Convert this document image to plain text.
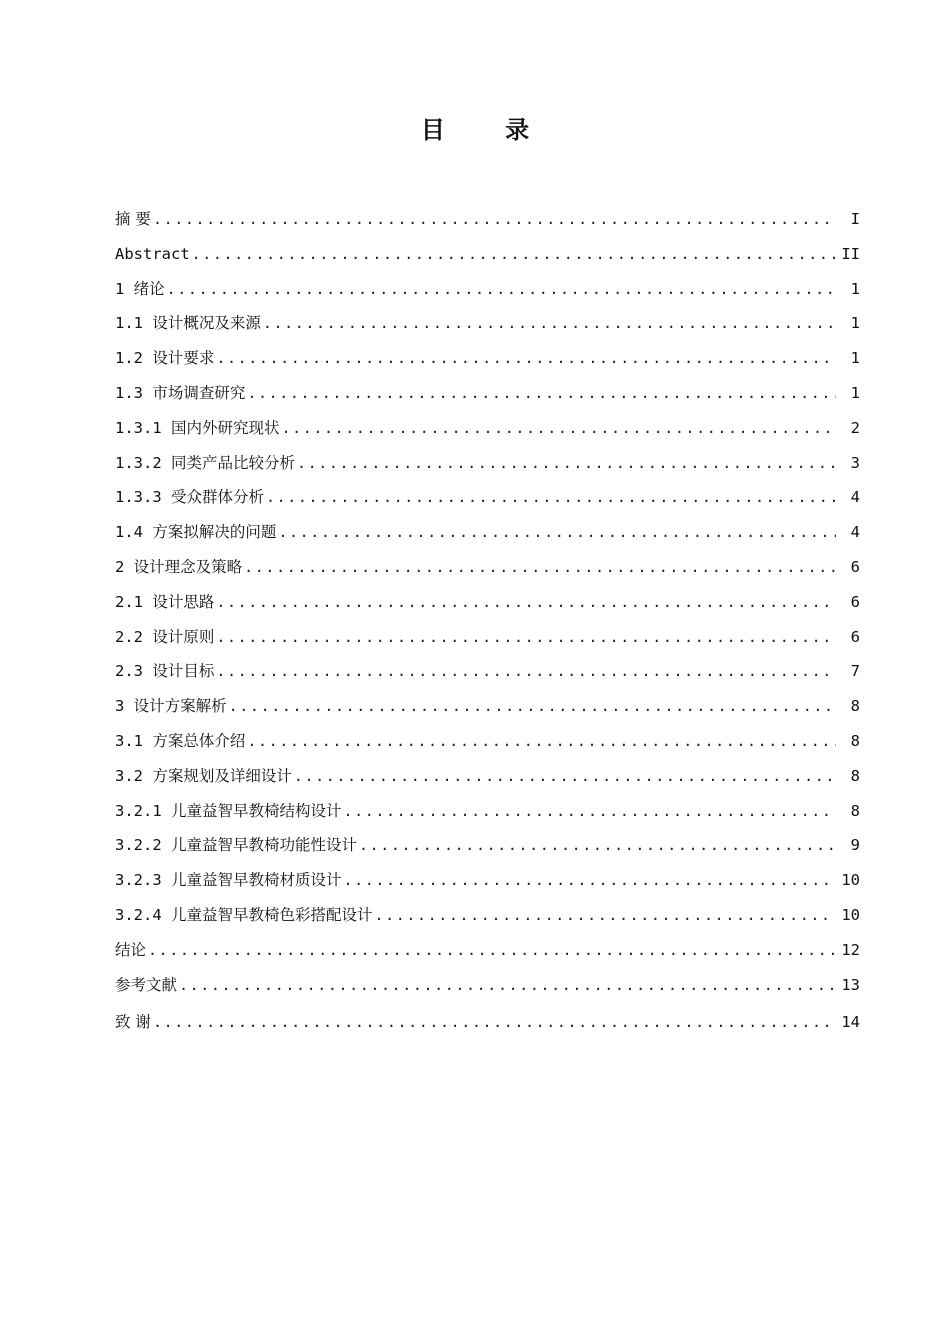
目 录
摘 要 .....	I
Abstract .....	II
1 绪论 .....	1
1.1 设计概况及来源 .....	1
1.2 设计要求 .....	1
1.3 市场调查研究 .....	1
1.3.1 国内外研究现状 .....	2
1.3.2 同类产品比较分析 .....	3
1.3.3 受众群体分析 .....	4
1.4 方案拟解决的问题 .....	4
2 设计理念及策略 .....	6
2.1 设计思路 .....	6
2.2 设计原则 .....	6
2.3 设计目标 .....	7
3 设计方案解析 .....	8
3.1 方案总体介绍 .....	8
3.2 方案规划及详细设计 .....	8
3.2.1 儿童益智早教椅结构设计 .....	8
3.2.2 儿童益智早教椅功能性设计 .....	9
3.2.3 儿童益智早教椅材质设计 .....	10
3.2.4 儿童益智早教椅色彩搭配设计 .....	10
结论 .....	12
参考文献 .....	13
致 谢 .....	14
